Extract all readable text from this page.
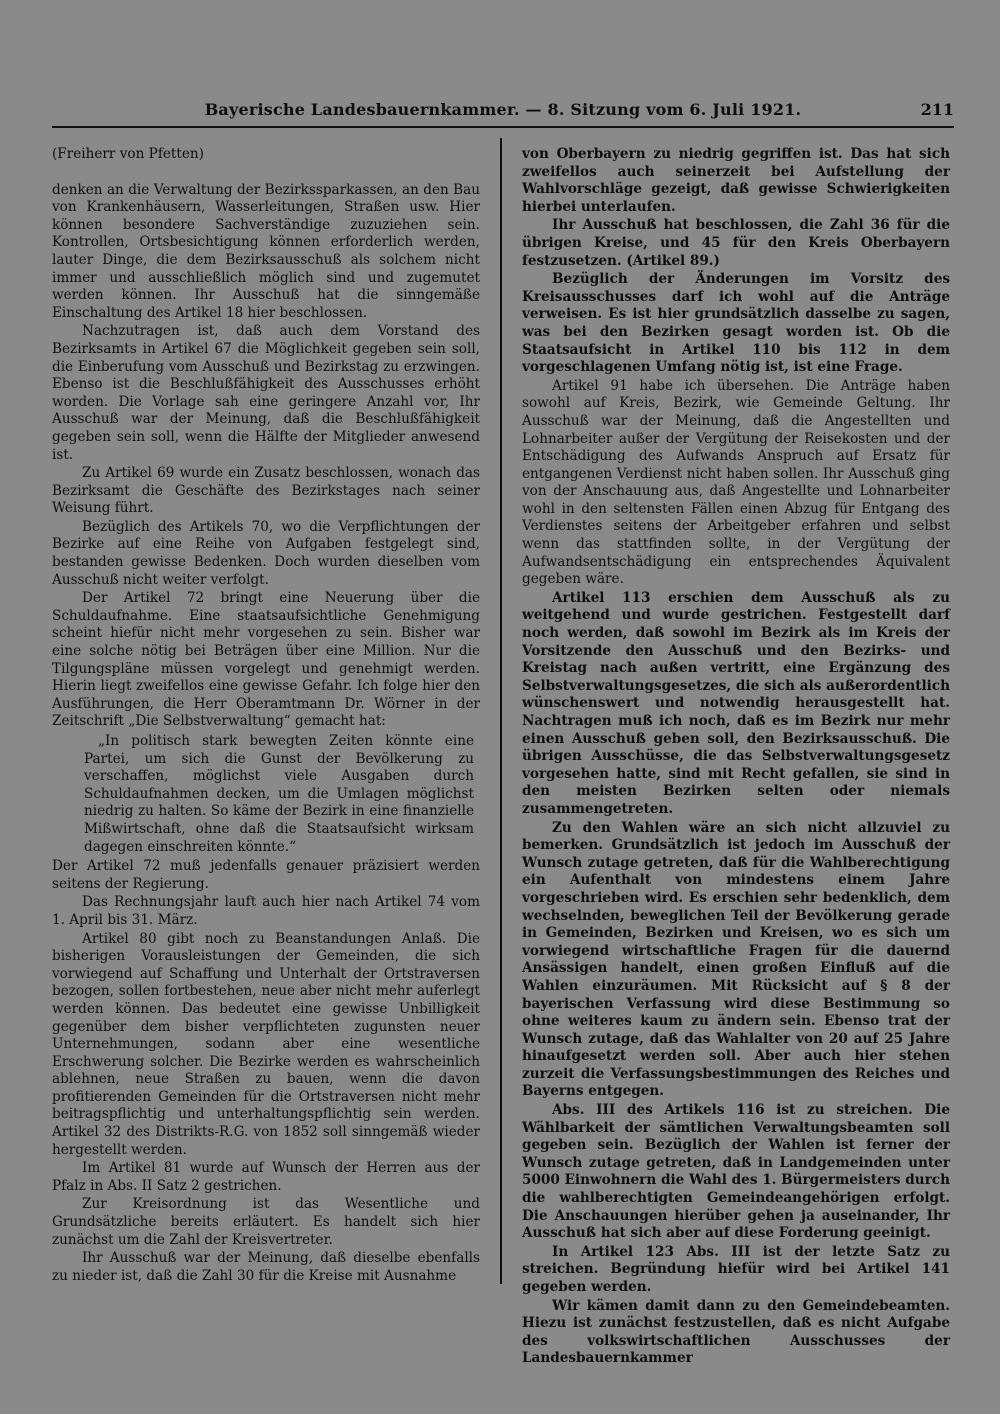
Bayerische Landesbauernkammer. — 8. Sitzung vom 6. Juli 1921.	211

(Freiherr von Pfetten)

denken an die Verwaltung der Bezirkssparkassen, an den Bau von Krankenhäusern, Wasserleitungen, Straßen usw. Hier können besondere Sachverständige zuzuziehen sein. Kontrollen, Ortsbesichtigung können erforderlich werden, lauter Dinge, die dem Bezirksausschuß als solchem nicht immer und ausschließlich möglich sind und zugemutet werden können. Ihr Ausschuß hat die sinngemäße Einschaltung des Artikel 18 hier beschlossen.

Nachzutragen ist, daß auch dem Vorstand des Bezirksamts in Artikel 67 die Möglichkeit gegeben sein soll, die Einberufung vom Ausschuß und Bezirkstag zu erzwingen. Ebenso ist die Beschlußfähigkeit des Ausschusses erhöht worden. Die Vorlage sah eine geringere Anzahl vor, Ihr Ausschuß war der Meinung, daß die Beschlußfähigkeit gegeben sein soll, wenn die Hälfte der Mitglieder anwesend ist.

Zu Artikel 69 wurde ein Zusatz beschlossen, wonach das Bezirksamt die Geschäfte des Bezirkstages nach seiner Weisung führt.

Bezüglich des Artikels 70, wo die Verpflichtungen der Bezirke auf eine Reihe von Aufgaben festgelegt sind, bestanden gewisse Bedenken. Doch wurden dieselben vom Ausschuß nicht weiter verfolgt.

Der Artikel 72 bringt eine Neuerung über die Schuldaufnahme. Eine staatsaufsichtliche Genehmigung scheint hiefür nicht mehr vorgesehen zu sein. Bisher war eine solche nötig bei Beträgen über eine Million. Nur die Tilgungspläne müssen vorgelegt und genehmigt werden. Hierin liegt zweifellos eine gewisse Gefahr. Ich folge hier den Ausführungen, die Herr Oberamtmann Dr. Wörner in der Zeitschrift „Die Selbstverwaltung“ gemacht hat:

„In politisch stark bewegten Zeiten könnte eine Partei, um sich die Gunst der Bevölkerung zu verschaffen, möglichst viele Ausgaben durch Schuldaufnahmen decken, um die Umlagen möglichst niedrig zu halten. So käme der Bezirk in eine finanzielle Mißwirtschaft, ohne daß die Staatsaufsicht wirksam dagegen einschreiten könnte.“

Der Artikel 72 muß jedenfalls genauer präzisiert werden seitens der Regierung.

Das Rechnungsjahr lauft auch hier nach Artikel 74 vom 1. April bis 31. März.

Artikel 80 gibt noch zu Beanstandungen Anlaß. Die bisherigen Vorausleistungen der Gemeinden, die sich vorwiegend auf Schaffung und Unterhalt der Ortstraversen bezogen, sollen fortbestehen, neue aber nicht mehr auferlegt werden können. Das bedeutet eine gewisse Unbilligkeit gegenüber dem bisher verpflichteten zugunsten neuer Unternehmungen, sodann aber eine wesentliche Erschwerung solcher. Die Bezirke werden es wahrscheinlich ablehnen, neue Straßen zu bauen, wenn die davon profitierenden Gemeinden für die Ortstraversen nicht mehr beitragspflichtig und unterhaltungspflichtig sein werden. Artikel 32 des Distrikts-R.G. von 1852 soll sinngemäß wieder hergestellt werden.

Im Artikel 81 wurde auf Wunsch der Herren aus der Pfalz in Abs. II Satz 2 gestrichen.

Zur Kreisordnung ist das Wesentliche und Grundsätzliche bereits erläutert. Es handelt sich hier zunächst um die Zahl der Kreisvertreter.

Ihr Ausschuß war der Meinung, daß dieselbe ebenfalls zu nieder ist, daß die Zahl 30 für die Kreise mit Ausnahme

von Oberbayern zu niedrig gegriffen ist. Das hat sich zweifellos auch seinerzeit bei Aufstellung der Wahlvorschläge gezeigt, daß gewisse Schwierigkeiten hierbei unterlaufen.

Ihr Ausschuß hat beschlossen, die Zahl 36 für die übrigen Kreise, und 45 für den Kreis Oberbayern festzusetzen. (Artikel 89.)

Bezüglich der Änderungen im Vorsitz des Kreisausschusses darf ich wohl auf die Anträge verweisen. Es ist hier grundsätzlich dasselbe zu sagen, was bei den Bezirken gesagt worden ist. Ob die Staatsaufsicht in Artikel 110 bis 112 in dem vorgeschlagenen Umfang nötig ist, ist eine Frage.

Artikel 91 habe ich übersehen. Die Anträge haben sowohl auf Kreis, Bezirk, wie Gemeinde Geltung. Ihr Ausschuß war der Meinung, daß die Angestellten und Lohnarbeiter außer der Vergütung der Reisekosten und der Entschädigung des Aufwands Anspruch auf Ersatz für entgangenen Verdienst nicht haben sollen. Ihr Ausschuß ging von der Anschauung aus, daß Angestellte und Lohnarbeiter wohl in den seltensten Fällen einen Abzug für Entgang des Verdienstes seitens der Arbeitgeber erfahren und selbst wenn das stattfinden sollte, in der Vergütung der Aufwandsentschädigung ein entsprechendes Äquivalent gegeben wäre.

Artikel 113 erschien dem Ausschuß als zu weitgehend und wurde gestrichen. Festgestellt darf noch werden, daß sowohl im Bezirk als im Kreis der Vorsitzende den Ausschuß und den Bezirks- und Kreistag nach außen vertritt, eine Ergänzung des Selbstverwaltungsgesetzes, die sich als außerordentlich wünschenswert und notwendig herausgestellt hat. Nachtragen muß ich noch, daß es im Bezirk nur mehr einen Ausschuß geben soll, den Bezirksausschuß. Die übrigen Ausschüsse, die das Selbstverwaltungsgesetz vorgesehen hatte, sind mit Recht gefallen, sie sind in den meisten Bezirken selten oder niemals zusammengetreten.

Zu den Wahlen wäre an sich nicht allzuviel zu bemerken. Grundsätzlich ist jedoch im Ausschuß der Wunsch zutage getreten, daß für die Wahlberechtigung ein Aufenthalt von mindestens einem Jahre vorgeschrieben wird. Es erschien sehr bedenklich, dem wechselnden, beweglichen Teil der Bevölkerung gerade in Gemeinden, Bezirken und Kreisen, wo es sich um vorwiegend wirtschaftliche Fragen für die dauernd Ansässigen handelt, einen großen Einfluß auf die Wahlen einzuräumen. Mit Rücksicht auf § 8 der bayerischen Verfassung wird diese Bestimmung so ohne weiteres kaum zu ändern sein. Ebenso trat der Wunsch zutage, daß das Wahlalter von 20 auf 25 Jahre hinaufgesetzt werden soll. Aber auch hier stehen zurzeit die Verfassungsbestimmungen des Reiches und Bayerns entgegen.

Abs. III des Artikels 116 ist zu streichen. Die Wählbarkeit der sämtlichen Verwaltungsbeamten soll gegeben sein. Bezüglich der Wahlen ist ferner der Wunsch zutage getreten, daß in Landgemeinden unter 5000 Einwohnern die Wahl des 1. Bürgermeisters durch die wahlberechtigten Gemeindeangehörigen erfolgt. Die Anschauungen hierüber gehen ja auseinander, Ihr Ausschuß hat sich aber auf diese Forderung geeinigt.

In Artikel 123 Abs. III ist der letzte Satz zu streichen. Begründung hiefür wird bei Artikel 141 gegeben werden.

Wir kämen damit dann zu den Gemeindebeamten. Hiezu ist zunächst festzustellen, daß es nicht Aufgabe des volkswirtschaftlichen Ausschusses der Landesbauernkammer
